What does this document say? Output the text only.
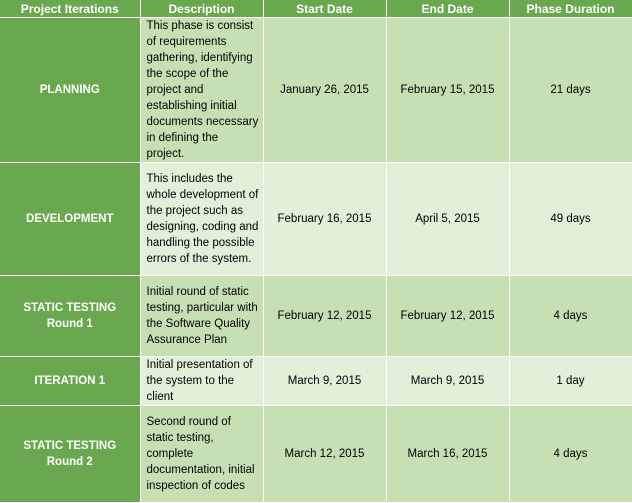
Project Iterations	Description	Start Date	End Date	Phase Duration
PLANNING	This phase is consist of requirements gathering, identifying the scope of the project and establishing initial documents necessary in defining the project.	January 26, 2015	February 15, 2015	21 days
DEVELOPMENT	This includes the whole development of the project such as designing, coding and handling the possible errors of the system.	February 16, 2015	April 5, 2015	49 days
STATIC TESTING Round 1	Initial round of static testing, particular with the Software Quality Assurance Plan	February 12, 2015	February 12, 2015	4 days
ITERATION 1	Initial presentation of the system to the client	March 9, 2015	March 9, 2015	1 day
STATIC TESTING Round 2	Second round of static testing, complete documentation, initial inspection of codes	March 12, 2015	March 16, 2015	4 days
